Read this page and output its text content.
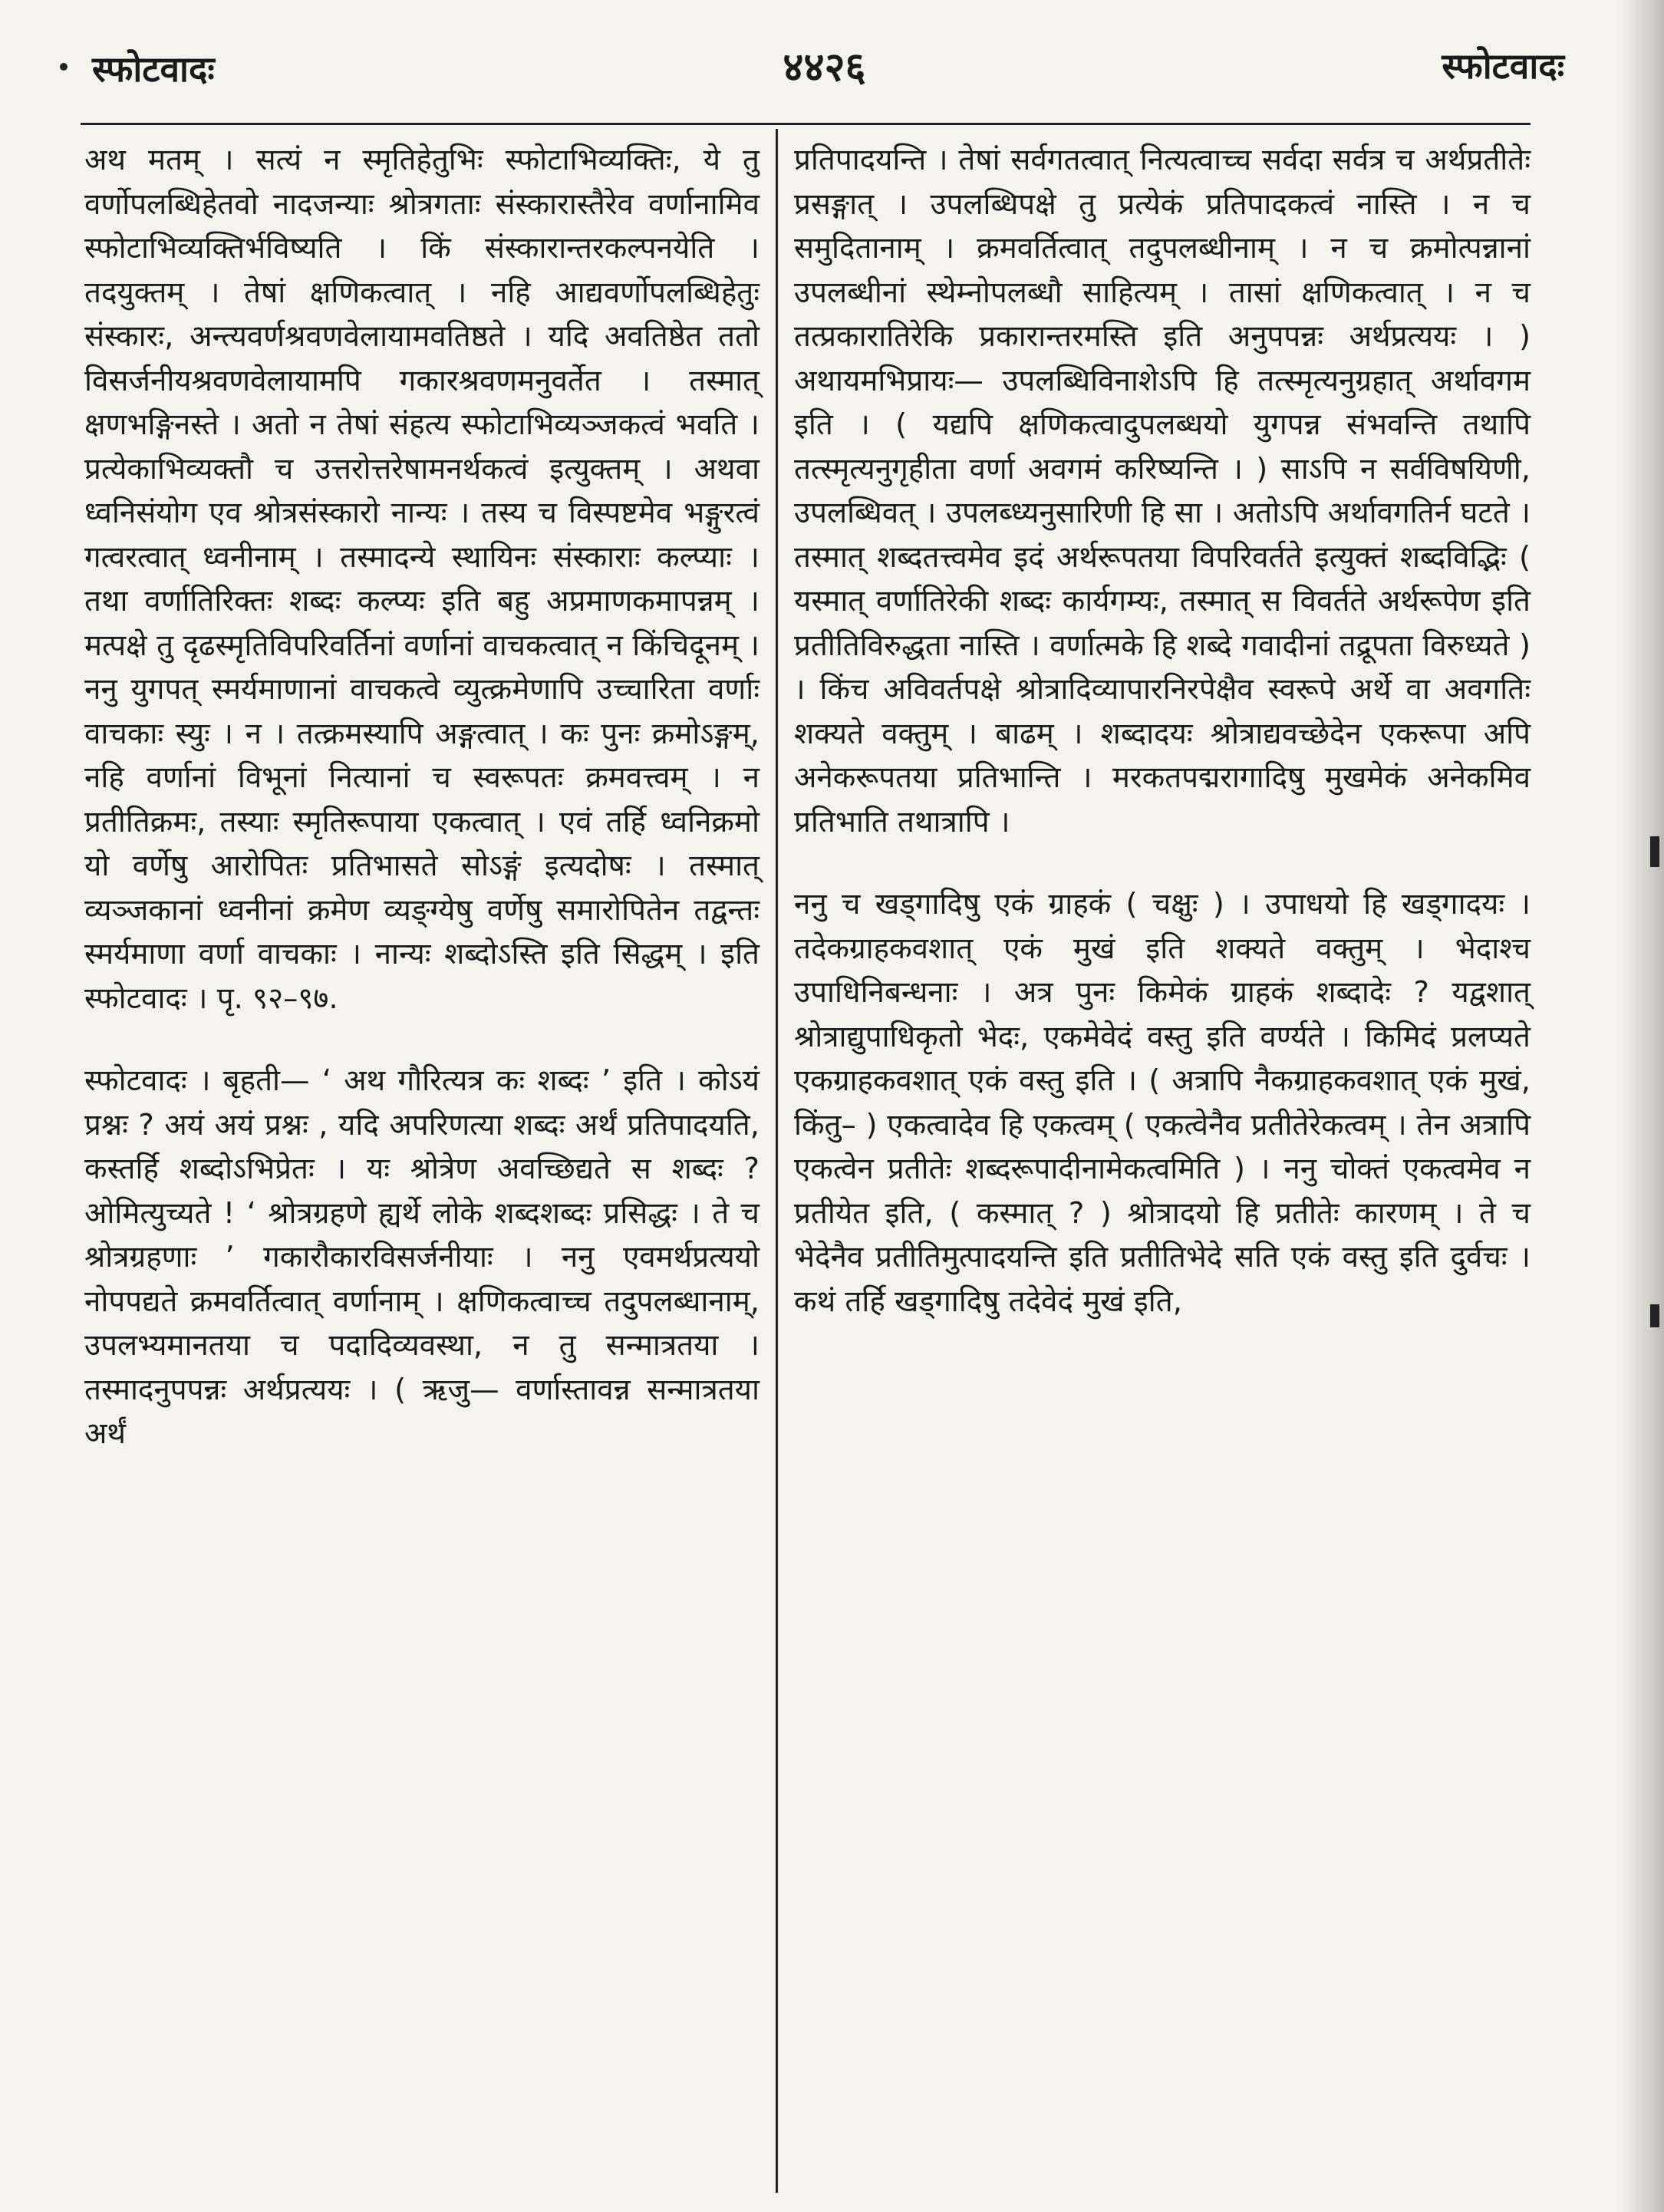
स्फोटवादः	४४२६	स्फोटवादः

अथ मतम् । सत्यं न स्मृतिहेतुभिः स्फोटाभिव्यक्तिः, ये तु वर्णोपलब्धिहेतवो नादजन्याः श्रोत्रगताः संस्कारास्तैरेव वर्णानामिव स्फोटाभिव्यक्तिर्भविष्यति । किं संस्कारान्तरकल्पनयेति । तदयुक्तम् । तेषां क्षणिकत्वात् । नहि आद्यवर्णोपलब्धिहेतुः संस्कारः, अन्त्यवर्णश्रवणवेलायामवतिष्ठते । यदि अवतिष्ठेत ततो विसर्जनीयश्रवणवेलायामपि गकारश्रवणमनुवर्तेत । तस्मात् क्षणभङ्गिनस्ते । अतो न तेषां संहत्य स्फोटाभिव्यञ्जकत्वं भवति । प्रत्येकाभिव्यक्तौ च उत्तरोत्तरेषामनर्थकत्वं इत्युक्तम् । अथवा ध्वनिसंयोग एव श्रोत्रसंस्कारो नान्यः । तस्य च विस्पष्टमेव भङ्गुरत्वं गत्वरत्वात् ध्वनीनाम् । तस्मादन्ये स्थायिनः संस्काराः कल्प्याः । तथा वर्णातिरिक्तः शब्दः कल्प्यः इति बहु अप्रमाणकमापन्नम् । मत्पक्षे तु दृढस्मृतिविपरिवर्तिनां वर्णानां वाचकत्वात् न किंचिदूनम् । ननु युगपत् स्मर्यमाणानां वाचकत्वे व्युत्क्रमेणापि उच्चारिता वर्णाः वाचकाः स्युः । न । तत्क्रमस्यापि अङ्गत्वात् । कः पुनः क्रमोऽङ्गम्, नहि वर्णानां विभूनां नित्यानां च स्वरूपतः क्रमवत्त्वम् । न प्रतीतिक्रमः, तस्याः स्मृतिरूपाया एकत्वात् । एवं तर्हि ध्वनिक्रमो यो वर्णेषु आरोपितः प्रतिभासते सोऽङ्गं इत्यदोषः । तस्मात् व्यञ्जकानां ध्वनीनां क्रमेण व्यङ्ग्येषु वर्णेषु समारोपितेन तद्वन्तः स्मर्यमाणा वर्णा वाचकाः । नान्यः शब्दोऽस्ति इति सिद्धम् । इति स्फोटवादः । पृ. ९२–९७.

स्फोटवादः । बृहती— ‘ अथ गौरित्यत्र कः शब्दः ’ इति । कोऽयं प्रश्नः ? अयं अयं प्रश्नः , यदि अपरिणत्या शब्दः अर्थं प्रतिपादयति, कस्तर्हि शब्दोऽभिप्रेतः । यः श्रोत्रेण अवच्छिद्यते स शब्दः ? ओमित्युच्यते ! ‘ श्रोत्रग्रहणे ह्यर्थे लोके शब्दशब्दः प्रसिद्धः । ते च श्रोत्रग्रहणाः ’ गकारौकारविसर्जनीयाः । ननु एवमर्थप्रत्ययो नोपपद्यते क्रमवर्तित्वात् वर्णानाम् । क्षणिकत्वाच्च तदुपलब्धानाम्, उपलभ्यमानतया च पदादिव्यवस्था, न तु सन्मात्रतया । तस्मादनुपपन्नः अर्थप्रत्ययः । ( ऋजु— वर्णास्तावन्न सन्मात्रतया अर्थं

प्रतिपादयन्ति । तेषां सर्वगतत्वात् नित्यत्वाच्च सर्वदा सर्वत्र च अर्थप्रतीतेः प्रसङ्गात् । उपलब्धिपक्षे तु प्रत्येकं प्रतिपादकत्वं नास्ति । न च समुदितानाम् । क्रमवर्तित्वात् तदुपलब्धीनाम् । न च क्रमोत्पन्नानां उपलब्धीनां स्थेम्नोपलब्धौ साहित्यम् । तासां क्षणिकत्वात् । न च तत्प्रकारातिरेकि प्रकारान्तरमस्ति इति अनुपपन्नः अर्थप्रत्ययः । ) अथायमभिप्रायः— उपलब्धिविनाशेऽपि हि तत्स्मृत्यनुग्रहात् अर्थावगम इति । ( यद्यपि क्षणिकत्वादुपलब्धयो युगपन्न संभवन्ति तथापि तत्स्मृत्यनुगृहीता वर्णा अवगमं करिष्यन्ति । ) साऽपि न सर्वविषयिणी, उपलब्धिवत् । उपलब्ध्यनुसारिणी हि सा । अतोऽपि अर्थावगतिर्न घटते । तस्मात् शब्दतत्त्वमेव इदं अर्थरूपतया विपरिवर्तते इत्युक्तं शब्दविद्भिः ( यस्मात् वर्णातिरेकी शब्दः कार्यगम्यः, तस्मात् स विवर्तते अर्थरूपेण इति प्रतीतिविरुद्धता नास्ति । वर्णात्मके हि शब्दे गवादीनां तद्रूपता विरुध्यते ) । किंच अविवर्तपक्षे श्रोत्रादिव्यापारनिरपेक्षैव स्वरूपे अर्थे वा अवगतिः शक्यते वक्तुम् । बाढम् । शब्दादयः श्रोत्राद्यवच्छेदेन एकरूपा अपि अनेकरूपतया प्रतिभान्ति । मरकतपद्मरागादिषु मुखमेकं अनेकमिव प्रतिभाति तथात्रापि ।

ननु च खड्गादिषु एकं ग्राहकं ( चक्षुः ) । उपाधयो हि खड्गादयः । तदेकग्राहकवशात् एकं मुखं इति शक्यते वक्तुम् । भेदाश्च उपाधिनिबन्धनाः । अत्र पुनः किमेकं ग्राहकं शब्दादेः ? यद्वशात् श्रोत्राद्युपाधिकृतो भेदः, एकमेवेदं वस्तु इति वर्ण्यते । किमिदं प्रलप्यते एकग्राहकवशात् एकं वस्तु इति । ( अत्रापि नैकग्राहकवशात् एकं मुखं, किंतु– ) एकत्वादेव हि एकत्वम् ( एकत्वेनैव प्रतीतेरेकत्वम् । तेन अत्रापि एकत्वेन प्रतीतेः शब्दरूपादीनामेकत्वमिति ) । ननु चोक्तं एकत्वमेव न प्रतीयेत इति, ( कस्मात् ? ) श्रोत्रादयो हि प्रतीतेः कारणम् । ते च भेदेनैव प्रतीतिमुत्पादयन्ति इति प्रतीतिभेदे सति एकं वस्तु इति दुर्वचः । कथं तर्हि खड्गादिषु तदेवेदं मुखं इति,
